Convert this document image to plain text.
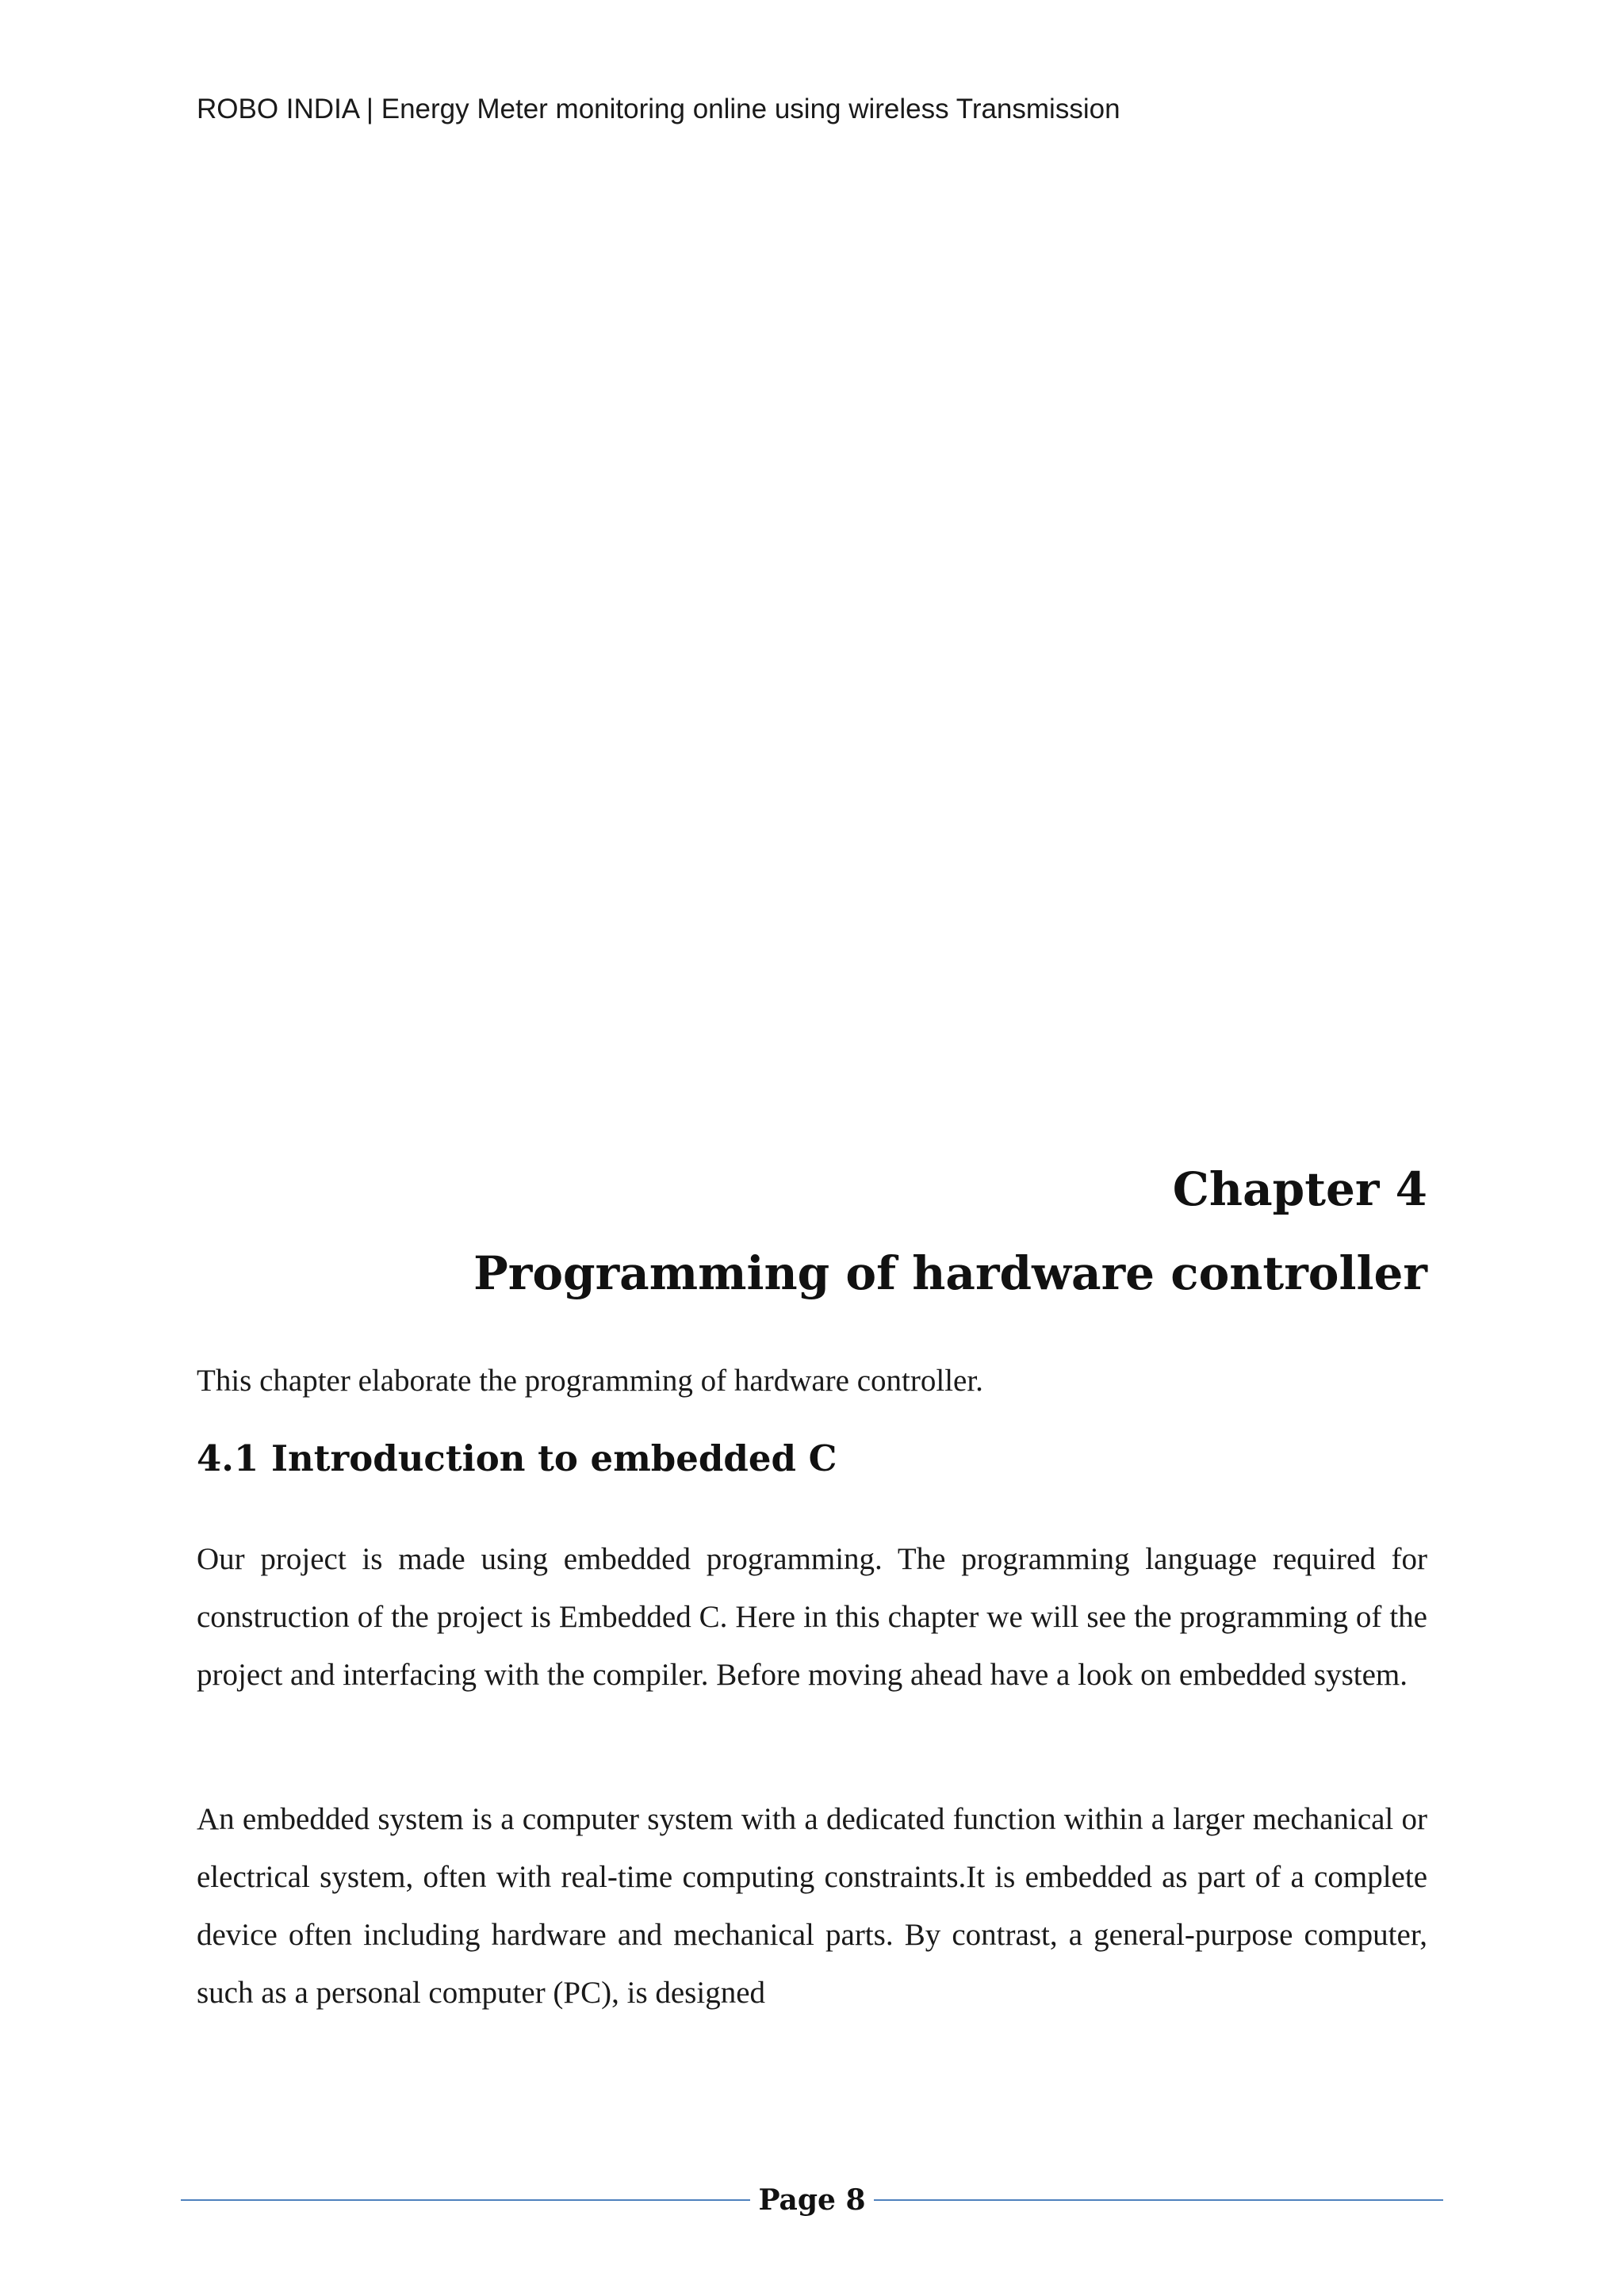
ROBO INDIA | Energy Meter monitoring online using wireless Transmission
Chapter 4
Programming of hardware controller

This chapter elaborate the programming of hardware controller.

4.1 Introduction to embedded C

Our project is made using embedded programming. The programming language required for construction of the project is Embedded C. Here in this chapter we will see the programming of the project and interfacing with the compiler. Before moving ahead have a look on embedded system.

An embedded system is a computer system with a dedicated function within a larger mechanical or electrical system, often with real-time computing constraints.It is embedded as part of a complete device often including hardware and mechanical parts. By contrast, a general-purpose computer, such as a personal computer (PC), is designed

Page 8
